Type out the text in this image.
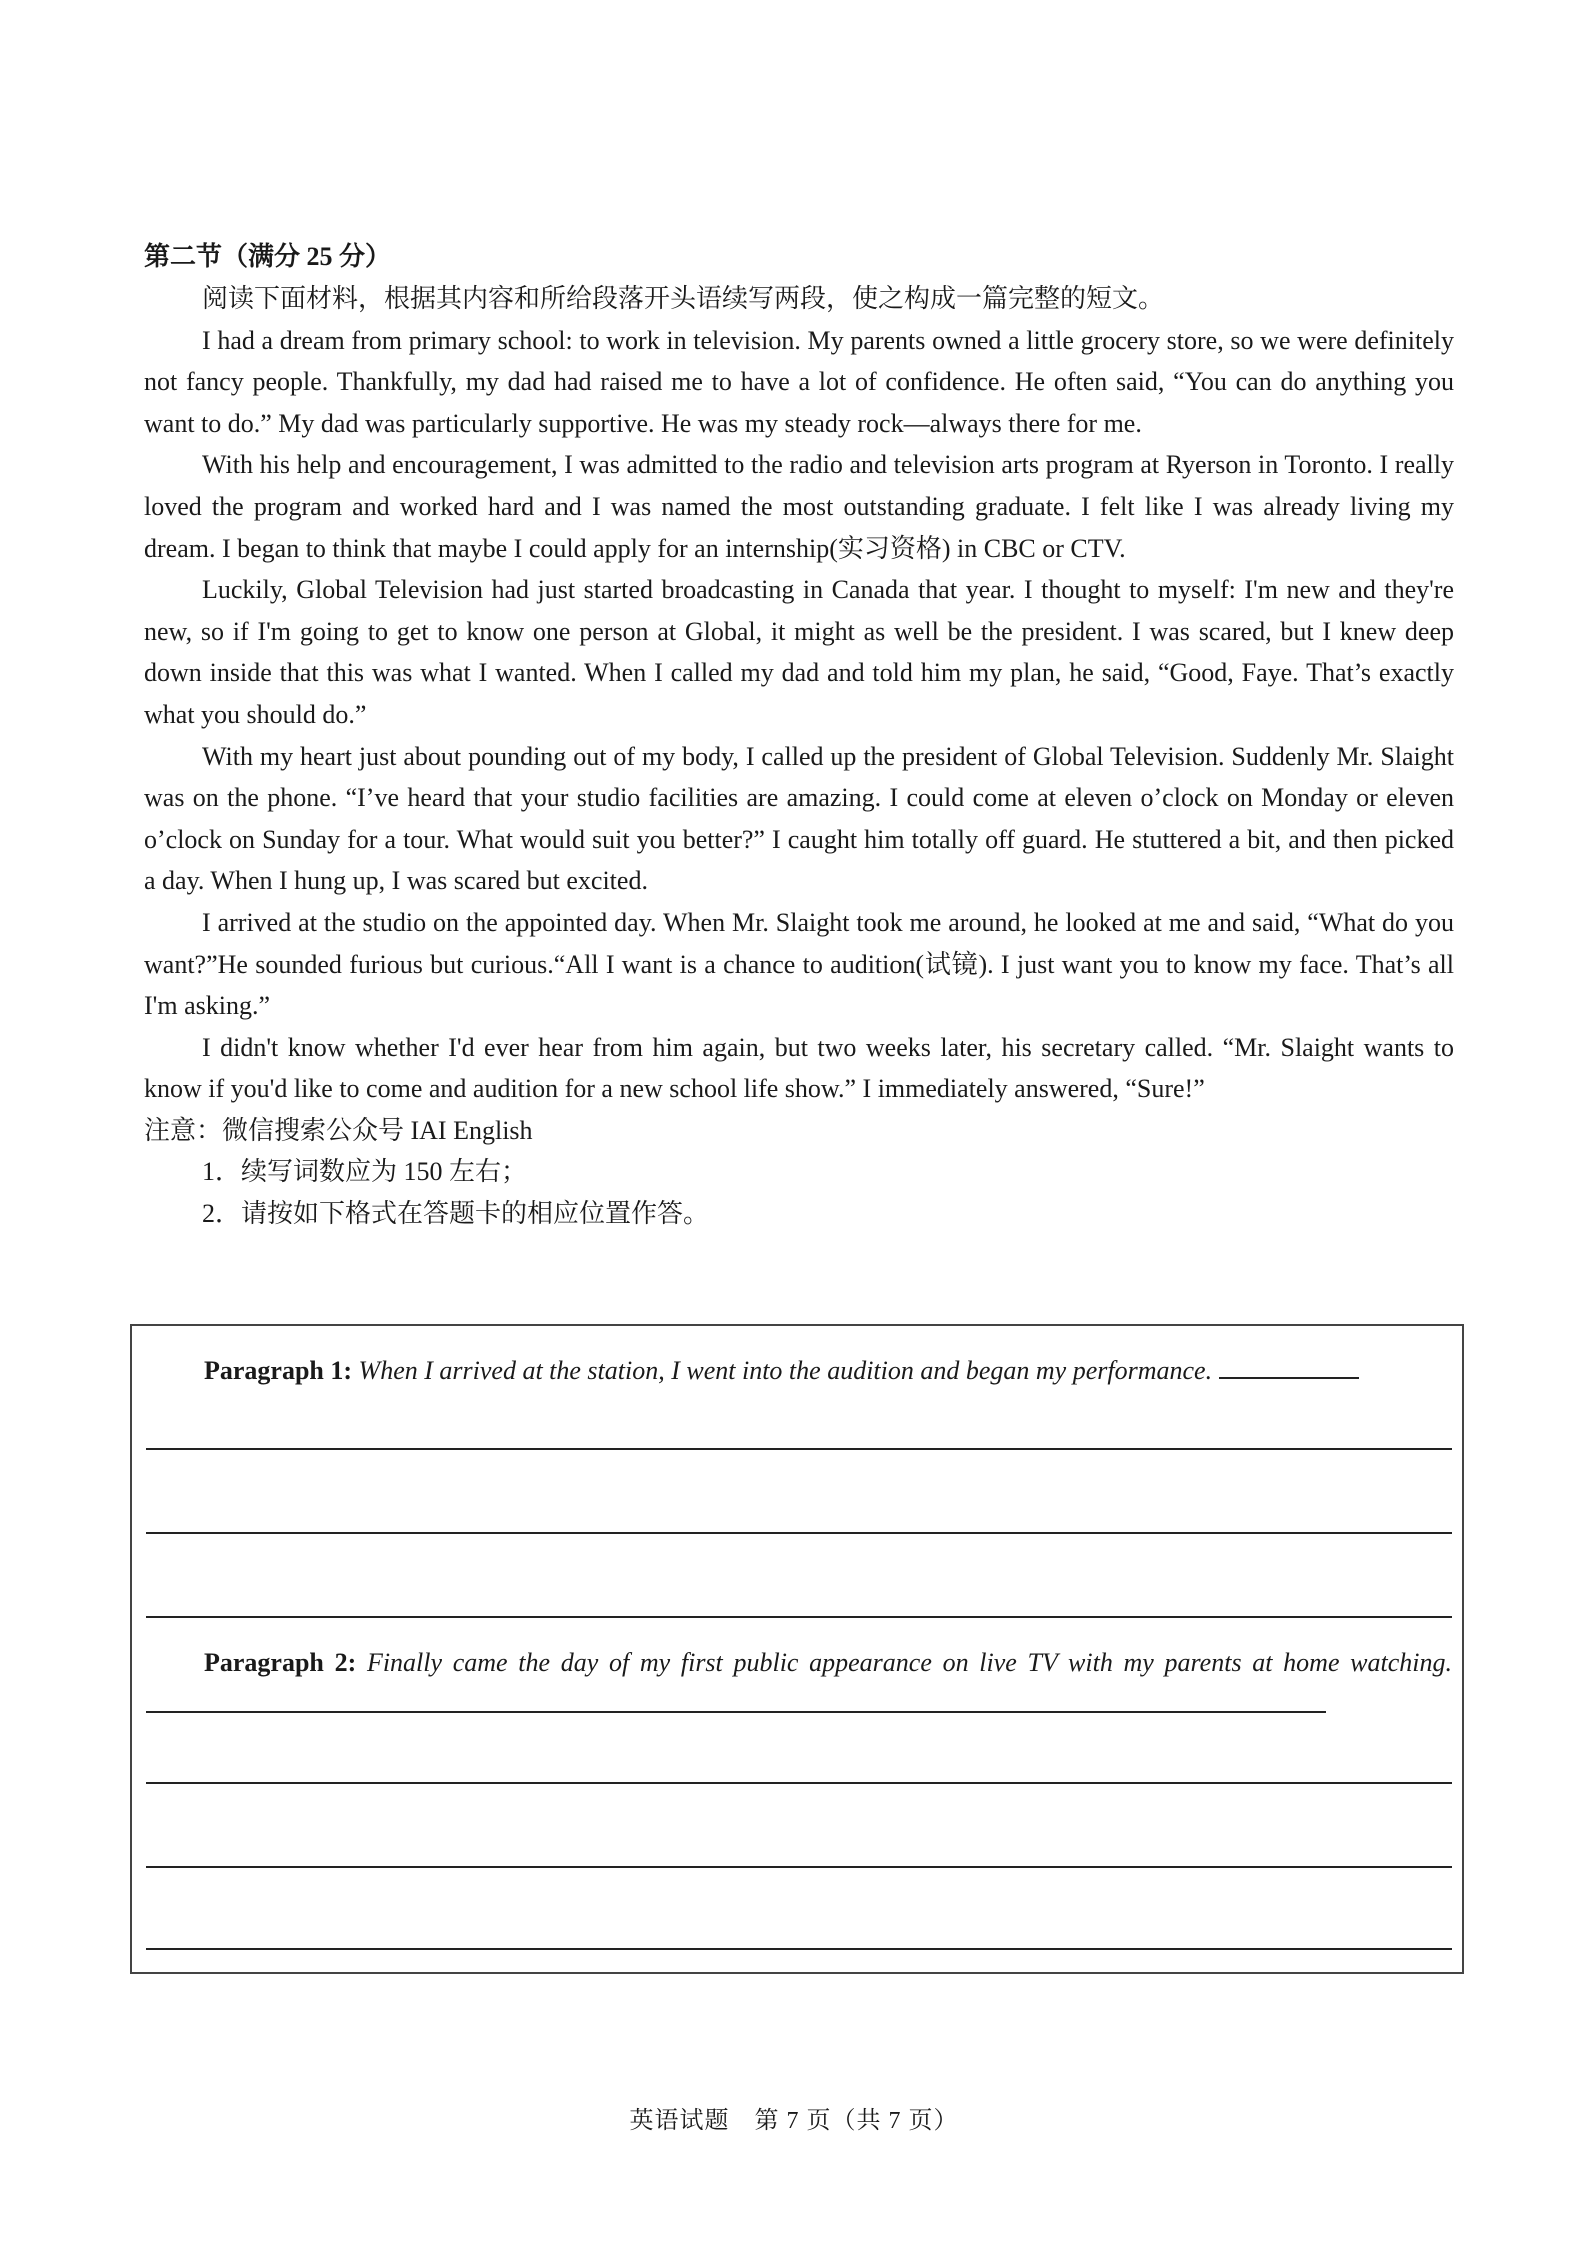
第二节（满分 25 分）

阅读下面材料，根据其内容和所给段落开头语续写两段，使之构成一篇完整的短文。

I had a dream from primary school: to work in television. My parents owned a little grocery store, so we were definitely not fancy people. Thankfully, my dad had raised me to have a lot of confidence. He often said, “You can do anything you want to do.” My dad was particularly supportive. He was my steady rock—always there for me.

With his help and encouragement, I was admitted to the radio and television arts program at Ryerson in Toronto. I really loved the program and worked hard and I was named the most outstanding graduate. I felt like I was already living my dream. I began to think that maybe I could apply for an internship(实习资格) in CBC or CTV.

Luckily, Global Television had just started broadcasting in Canada that year. I thought to myself: I'm new and they're new, so if I'm going to get to know one person at Global, it might as well be the president. I was scared, but I knew deep down inside that this was what I wanted. When I called my dad and told him my plan, he said, “Good, Faye. That’s exactly what you should do.”

With my heart just about pounding out of my body, I called up the president of Global Television. Suddenly Mr. Slaight was on the phone. “I’ve heard that your studio facilities are amazing. I could come at eleven o’clock on Monday or eleven o’clock on Sunday for a tour. What would suit you better?” I caught him totally off guard. He stuttered a bit, and then picked a day. When I hung up, I was scared but excited.

I arrived at the studio on the appointed day. When Mr. Slaight took me around, he looked at me and said, “What do you want?”He sounded furious but curious.“All I want is a chance to audition(试镜). I just want you to know my face. That’s all I'm asking.”

I didn't know whether I'd ever hear from him again, but two weeks later, his secretary called. “Mr. Slaight wants to know if you'd like to come and audition for a new school life show.” I immediately answered, “Sure!”

注意：微信搜索公众号 IAI English

1．续写词数应为 150 左右；

2．请按如下格式在答题卡的相应位置作答。

Paragraph 1: When I arrived at the station, I went into the audition and began my performance.

Paragraph 2: Finally came the day of my first public appearance on live TV with my parents at home watching.

英语试题　第 7 页（共 7 页）
